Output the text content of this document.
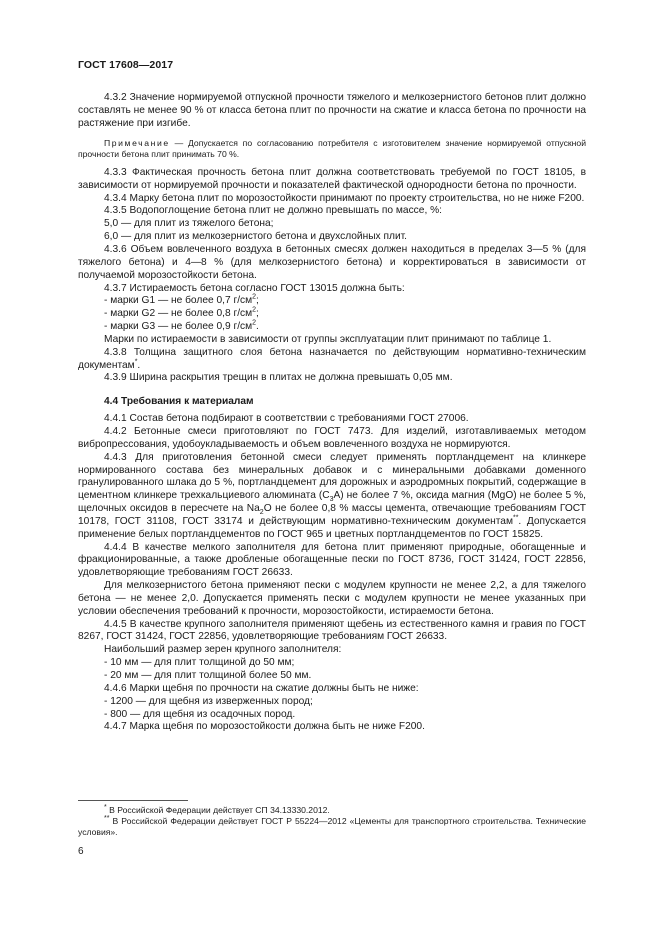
ГОСТ 17608—2017

4.3.2 Значение нормируемой отпускной прочности тяжелого и мелкозернистого бетонов плит должно составлять не менее 90 % от класса бетона плит по прочности на сжатие и класса бетона по прочности на растяжение при изгибе.

Примечание — Допускается по согласованию потребителя с изготовителем значение нормируемой отпускной прочности бетона плит принимать 70 %.

4.3.3 Фактическая прочность бетона плит должна соответствовать требуемой по ГОСТ 18105, в зависимости от нормируемой прочности и показателей фактической однородности бетона по прочности.

4.3.4 Марку бетона плит по морозостойкости принимают по проекту строительства, но не ниже F200.

4.3.5 Водопоглощение бетона плит не должно превышать по массе, %:

5,0 — для плит из тяжелого бетона;

6,0 — для плит из мелкозернистого бетона и двухслойных плит.

4.3.6 Объем вовлеченного воздуха в бетонных смесях должен находиться в пределах 3—5 % (для тяжелого бетона) и 4—8 % (для мелкозернистого бетона) и корректироваться в зависимости от получаемой морозостойкости бетона.

4.3.7 Истираемость бетона согласно ГОСТ 13015 должна быть:

- марки G1 — не более 0,7 $г/см^2$;

- марки G2 — не более 0,8 $г/см^2$;

- марки G3 — не более 0,9 $г/см^2$.

Марки по истираемости в зависимости от группы эксплуатации плит принимают по таблице 1.

4.3.8 Толщина защитного слоя бетона назначается по действующим нормативно-техническим документам*.

4.3.9 Ширина раскрытия трещин в плитах не должна превышать 0,05 мм.

4.4 Требования к материалам

4.4.1 Состав бетона подбирают в соответствии с требованиями ГОСТ 27006.

4.4.2 Бетонные смеси приготовляют по ГОСТ 7473. Для изделий, изготавливаемых методом вибропрессования, удобоукладываемость и объем вовлеченного воздуха не нормируются.

4.4.3 Для приготовления бетонной смеси следует применять портландцемент на клинкере нормированного состава без минеральных добавок и с минеральными добавками доменного гранулированного шлака до 5 %, портландцемент для дорожных и аэродромных покрытий, содержащие в цементном клинкере трехкальциевого алюмината $(C_3A)$ не более 7 %, оксида магния (MgO) не более 5 %, щелочных оксидов в пересчете на $Na_2O$ не более 0,8 % массы цемента, отвечающие требованиям ГОСТ 10178, ГОСТ 31108, ГОСТ 33174 и действующим нормативно-техническим документам**. Допускается применение белых портландцементов по ГОСТ 965 и цветных портландцементов по ГОСТ 15825.

4.4.4 В качестве мелкого заполнителя для бетона плит применяют природные, обогащенные и фракционированные, а также дробленые обогащенные пески по ГОСТ 8736, ГОСТ 31424, ГОСТ 22856, удовлетворяющие требованиям ГОСТ 26633.

Для мелкозернистого бетона применяют пески с модулем крупности не менее 2,2, а для тяжелого бетона — не менее 2,0. Допускается применять пески с модулем крупности не менее указанных при условии обеспечения требований к прочности, морозостойкости, истираемости бетона.

4.4.5 В качестве крупного заполнителя применяют щебень из естественного камня и гравия по ГОСТ 8267, ГОСТ 31424, ГОСТ 22856, удовлетворяющие требованиям ГОСТ 26633.

Наибольший размер зерен крупного заполнителя:

- 10 мм — для плит толщиной до 50 мм;

- 20 мм — для плит толщиной более 50 мм.

4.4.6 Марки щебня по прочности на сжатие должны быть не ниже:

- 1200 — для щебня из изверженных пород;

- 800 — для щебня из осадочных пород.

4.4.7 Марка щебня по морозостойкости должна быть не ниже F200.

* В Российской Федерации действует СП 34.13330.2012.

** В Российской Федерации действует ГОСТ Р 55224—2012 «Цементы для транспортного строительства. Технические условия».

6
